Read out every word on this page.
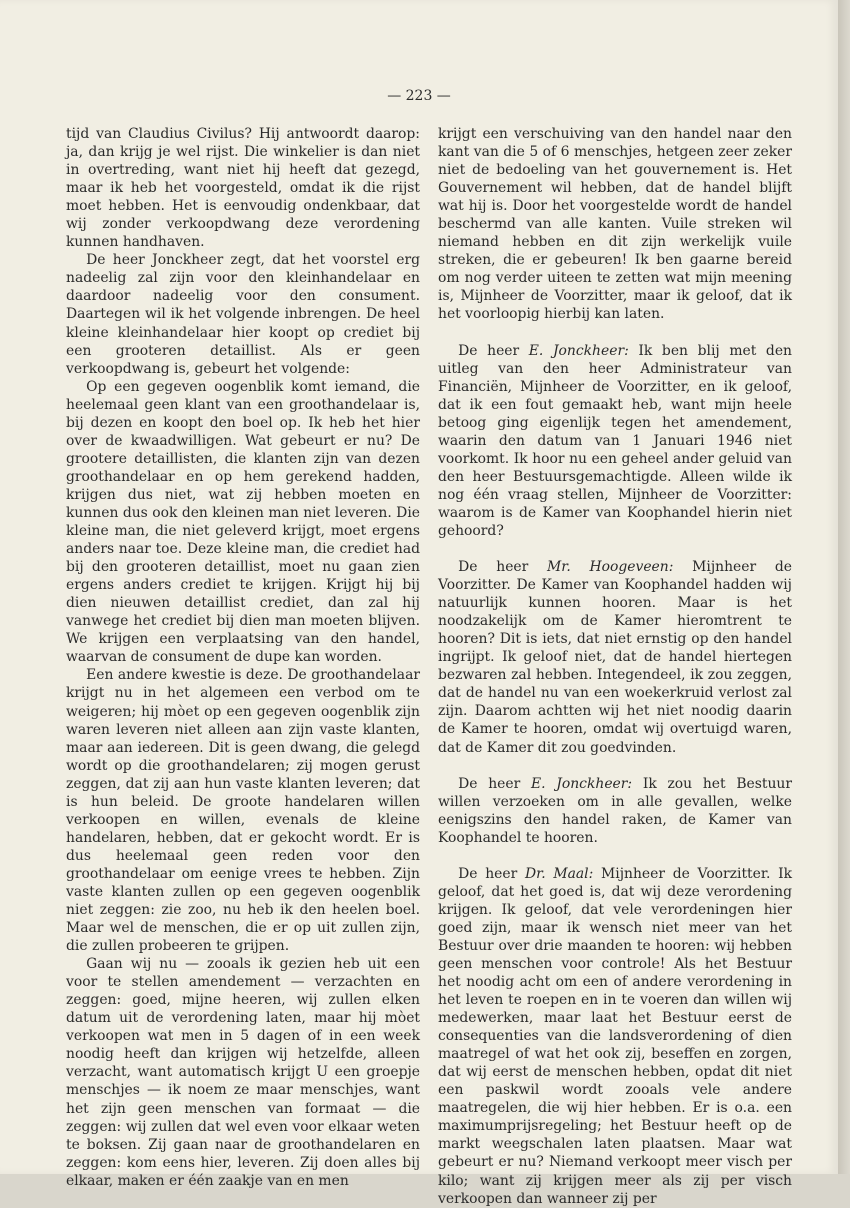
— 223 —

tijd van Claudius Civilus? Hij antwoordt daarop: ja, dan krijg je wel rijst. Die winkelier is dan niet in overtreding, want niet hij heeft dat gezegd, maar ik heb het voorgesteld, omdat ik die rijst moet hebben. Het is eenvoudig ondenkbaar, dat wij zonder verkoopdwang deze verordening kunnen handhaven.

De heer Jonckheer zegt, dat het voorstel erg nadeelig zal zijn voor den kleinhandelaar en daardoor nadeelig voor den consument. Daartegen wil ik het volgende inbrengen. De heel kleine kleinhandelaar hier koopt op crediet bij een grooteren detaillist. Als er geen verkoopdwang is, gebeurt het volgende:

Op een gegeven oogenblik komt iemand, die heelemaal geen klant van een groothandelaar is, bij dezen en koopt den boel op. Ik heb het hier over de kwaadwilligen. Wat gebeurt er nu? De grootere detaillisten, die klanten zijn van dezen groothandelaar en op hem gerekend hadden, krijgen dus niet, wat zij hebben moeten en kunnen dus ook den kleinen man niet leveren. Die kleine man, die niet geleverd krijgt, moet ergens anders naar toe. Deze kleine man, die crediet had bij den grooteren detaillist, moet nu gaan zien ergens anders crediet te krijgen. Krijgt hij bij dien nieuwen detaillist crediet, dan zal hij vanwege het crediet bij dien man moeten blijven. We krijgen een verplaatsing van den handel, waarvan de consument de dupe kan worden.

Een andere kwestie is deze. De groothandelaar krijgt nu in het algemeen een verbod om te weigeren; hij mòet op een gegeven oogenblik zijn waren leveren niet alleen aan zijn vaste klanten, maar aan iedereen. Dit is geen dwang, die gelegd wordt op die groothandelaren; zij mogen gerust zeggen, dat zij aan hun vaste klanten leveren; dat is hun beleid. De groote handelaren willen verkoopen en willen, evenals de kleine handelaren, hebben, dat er gekocht wordt. Er is dus heelemaal geen reden voor den groothandelaar om eenige vrees te hebben. Zijn vaste klanten zullen op een gegeven oogenblik niet zeggen: zie zoo, nu heb ik den heelen boel. Maar wel de menschen, die er op uit zullen zijn, die zullen probeeren te grijpen.

Gaan wij nu — zooals ik gezien heb uit een voor te stellen amendement — verzachten en zeggen: goed, mijne heeren, wij zullen elken datum uit de verordening laten, maar hij mòet verkoopen wat men in 5 dagen of in een week noodig heeft dan krijgen wij hetzelfde, alleen verzacht, want automatisch krijgt U een groepje menschjes — ik noem ze maar menschjes, want het zijn geen menschen van formaat — die zeggen: wij zullen dat wel even voor elkaar weten te boksen. Zij gaan naar de groothandelaren en zeggen: kom eens hier, leveren. Zij doen alles bij elkaar, maken er één zaakje van en men

krijgt een verschuiving van den handel naar den kant van die 5 of 6 menschjes, hetgeen zeer zeker niet de bedoeling van het gouvernement is. Het Gouvernement wil hebben, dat de handel blijft wat hij is. Door het voorgestelde wordt de handel beschermd van alle kanten. Vuile streken wil niemand hebben en dit zijn werkelijk vuile streken, die er gebeuren! Ik ben gaarne bereid om nog verder uiteen te zetten wat mijn meening is, Mijnheer de Voorzitter, maar ik geloof, dat ik het voorloopig hierbij kan laten.

De heer E. Jonckheer: Ik ben blij met den uitleg van den heer Administrateur van Financiën, Mijnheer de Voorzitter, en ik geloof, dat ik een fout gemaakt heb, want mijn heele betoog ging eigenlijk tegen het amendement, waarin den datum van 1 Januari 1946 niet voorkomt. Ik hoor nu een geheel ander geluid van den heer Bestuursgemachtigde. Alleen wilde ik nog één vraag stellen, Mijnheer de Voorzitter: waarom is de Kamer van Koophandel hierin niet gehoord?

De heer Mr. Hoogeveen: Mijnheer de Voorzitter. De Kamer van Koophandel hadden wij natuurlijk kunnen hooren. Maar is het noodzakelijk om de Kamer hieromtrent te hooren? Dit is iets, dat niet ernstig op den handel ingrijpt. Ik geloof niet, dat de handel hiertegen bezwaren zal hebben. Integendeel, ik zou zeggen, dat de handel nu van een woekerkruid verlost zal zijn. Daarom achtten wij het niet noodig daarin de Kamer te hooren, omdat wij overtuigd waren, dat de Kamer dit zou goedvinden.

De heer E. Jonckheer: Ik zou het Bestuur willen verzoeken om in alle gevallen, welke eenigszins den handel raken, de Kamer van Koophandel te hooren.

De heer Dr. Maal: Mijnheer de Voorzitter. Ik geloof, dat het goed is, dat wij deze verordening krijgen. Ik geloof, dat vele verordeningen hier goed zijn, maar ik wensch niet meer van het Bestuur over drie maanden te hooren: wij hebben geen menschen voor controle! Als het Bestuur het noodig acht om een of andere verordening in het leven te roepen en in te voeren dan willen wij medewerken, maar laat het Bestuur eerst de consequenties van die landsverordening of dien maatregel of wat het ook zij, beseffen en zorgen, dat wij eerst de menschen hebben, opdat dit niet een paskwil wordt zooals vele andere maatregelen, die wij hier hebben. Er is o.a. een maximumprijsregeling; het Bestuur heeft op de markt weegschalen laten plaatsen. Maar wat gebeurt er nu? Niemand verkoopt meer visch per kilo; want zij krijgen meer als zij per visch verkoopen dan wanneer zij per
